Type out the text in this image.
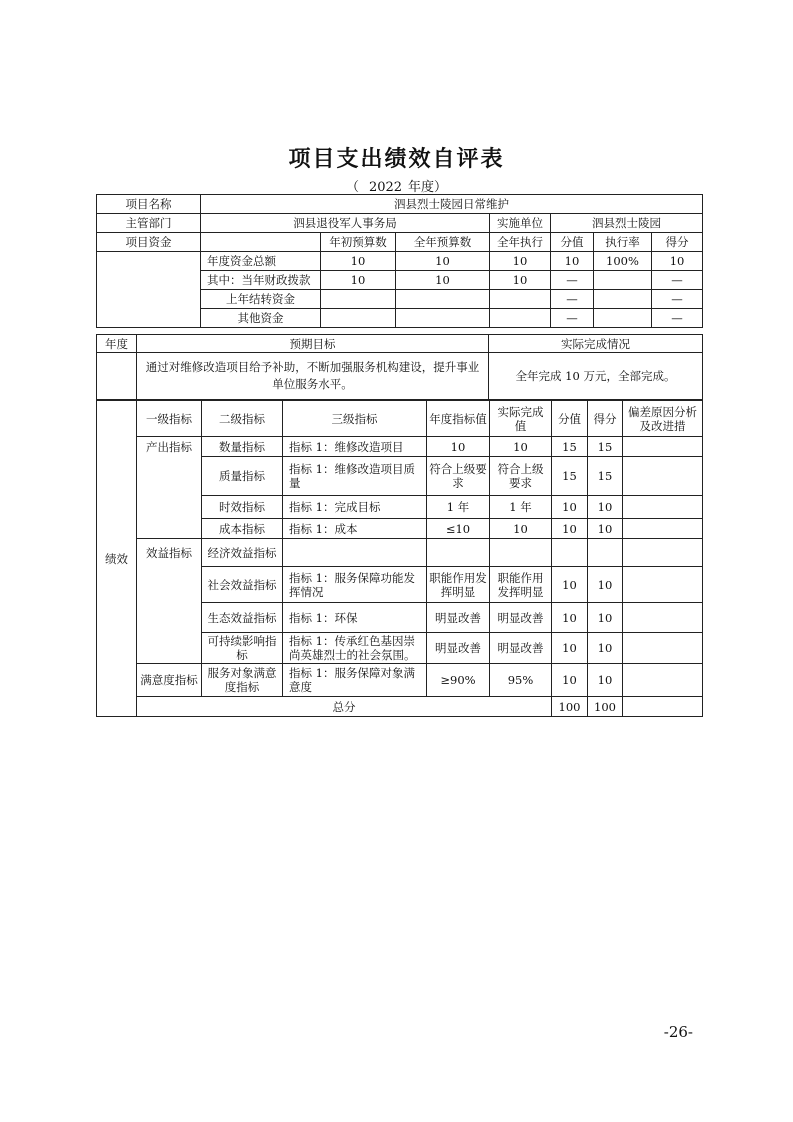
项目支出绩效自评表
（ 2022 年度）
项目名称	泗县烈士陵园日常维护						
主管部门	泗县退役军人事务局			实施单位	泗县烈士陵园		
项目资金		年初预算数	全年预算数	全年执行	分值	执行率	得分
	年度资金总额	10	10	10	10	100%	10
	其中：当年财政拨款	10	10	10	—		—
	上年结转资金				—		—
	其他资金				—		—
年度	预期目标	实际完成情况
	通过对维修改造项目给予补助，不断加强服务机构建设，提升事业单位服务水平。	全年完成 10 万元，全部完成。
绩效	一级指标	二级指标	三级指标	年度指标值	实际完成值	分值	得分	偏差原因分析及改进措
	产出指标	数量指标	指标 1：维修改造项目	10	10	15	15	
		质量指标	指标 1：维修改造项目质量	符合上级要求	符合上级要求	15	15	
		时效指标	指标 1：完成目标	1 年	1 年	10	10	
		成本指标	指标 1：成本	≤10	10	10	10	
	效益指标	经济效益指标						
		社会效益指标	指标 1：服务保障功能发挥情况	职能作用发挥明显	职能作用发挥明显	10	10	
		生态效益指标	指标 1：环保	明显改善	明显改善	10	10	
		可持续影响指标	指标 1：传承红色基因崇尚英雄烈士的社会氛围。	明显改善	明显改善	10	10	
	满意度指标	服务对象满意度指标	指标 1：服务保障对象满意度	≥90%	95%	10	10	
	总分					100	100	
-26-
